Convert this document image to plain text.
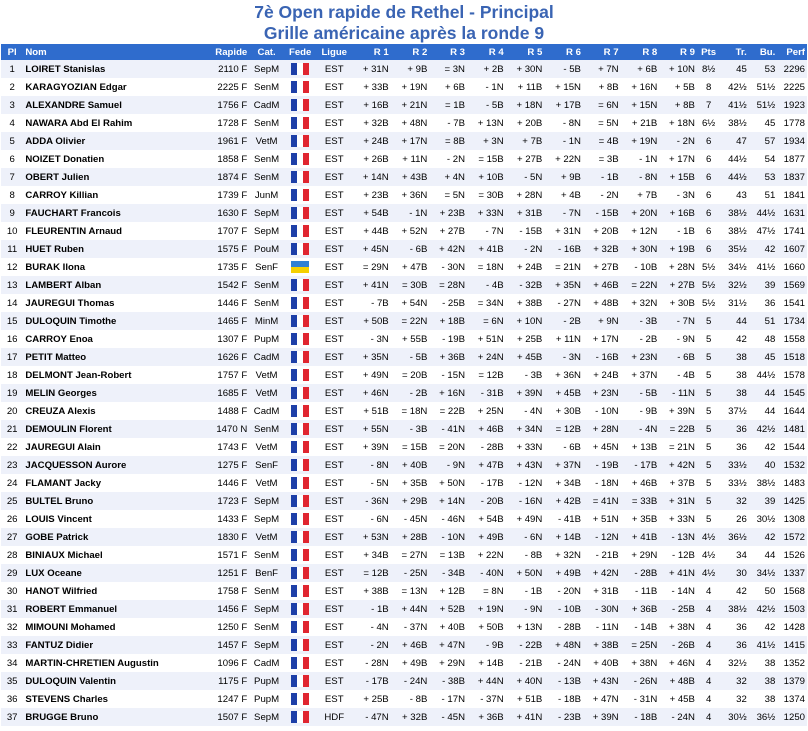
7è Open rapide de Rethel - Principal
Grille américaine après la ronde 9
Pl	Nom	Rapide	Cat.	Fede	Ligue	R 1	R 2	R 3	R 4	R 5	R 6	R 7	R 8	R 9	Pts	Tr.	Bu.	Perf
1	LOIRET Stanislas	2110 F	SepM		EST	+ 31N	+ 9B	= 3N	+ 2B	+ 30N	- 5B	+ 7N	+ 6B	+ 10N	8½	45	53	2296
2	KARAGYOZIAN Edgar	2225 F	SenM		EST	+ 33B	+ 19N	+ 6B	- 1N	+ 11B	+ 15N	+ 8B	+ 16N	+ 5B	8	42½	51½	2225
3	ALEXANDRE Samuel	1756 F	CadM		EST	+ 16B	+ 21N	= 1B	- 5B	+ 18N	+ 17B	= 6N	+ 15N	+ 8B	7	41½	51½	1923
4	NAWARA Abd El Rahim	1728 F	SenM		EST	+ 32B	+ 48N	- 7B	+ 13N	+ 20B	- 8N	= 5N	+ 21B	+ 18N	6½	38½	45	1778
5	ADDA Olivier	1961 F	VetM		EST	+ 24B	+ 17N	= 8B	+ 3N	+ 7B	- 1N	= 4B	+ 19N	- 2N	6	47	57	1934
6	NOIZET Donatien	1858 F	SenM		EST	+ 26B	+ 11N	- 2N	= 15B	+ 27B	+ 22N	= 3B	- 1N	+ 17N	6	44½	54	1877
7	OBERT Julien	1874 F	SenM		EST	+ 14N	+ 43B	+ 4N	+ 10B	- 5N	+ 9B	- 1B	- 8N	+ 15B	6	44½	53	1837
8	CARROY Killian	1739 F	JunM		EST	+ 23B	+ 36N	= 5N	= 30B	+ 28N	+ 4B	- 2N	+ 7B	- 3N	6	43	51	1841
9	FAUCHART Francois	1630 F	SepM		EST	+ 54B	- 1N	+ 23B	+ 33N	+ 31B	- 7N	- 15B	+ 20N	+ 16B	6	38½	44½	1631
10	FLEURENTIN Arnaud	1707 F	SepM		EST	+ 44B	+ 52N	+ 27B	- 7N	- 15B	+ 31N	+ 20B	+ 12N	- 1B	6	38½	47½	1741
11	HUET Ruben	1575 F	PouM		EST	+ 45N	- 6B	+ 42N	+ 41B	- 2N	- 16B	+ 32B	+ 30N	+ 19B	6	35½	42	1607
12	BURAK Ilona	1735 F	SenF		EST	= 29N	+ 47B	- 30N	= 18N	+ 24B	= 21N	+ 27B	- 10B	+ 28N	5½	34½	41½	1660
13	LAMBERT Alban	1542 F	SenM		EST	+ 41N	= 30B	= 28N	- 4B	- 32B	+ 35N	+ 46B	= 22N	+ 27B	5½	32½	39	1569
14	JAUREGUI Thomas	1446 F	SenM		EST	- 7B	+ 54N	- 25B	= 34N	+ 38B	- 27N	+ 48B	+ 32N	+ 30B	5½	31½	36	1541
15	DULOQUIN Timothe	1465 F	MinM		EST	+ 50B	= 22N	+ 18B	= 6N	+ 10N	- 2B	+ 9N	- 3B	- 7N	5	44	51	1734
16	CARROY Enoa	1307 F	PupM		EST	- 3N	+ 55B	- 19B	+ 51N	+ 25B	+ 11N	+ 17N	- 2B	- 9N	5	42	48	1558
17	PETIT Matteo	1626 F	CadM		EST	+ 35N	- 5B	+ 36B	+ 24N	+ 45B	- 3N	- 16B	+ 23N	- 6B	5	38	45	1518
18	DELMONT Jean-Robert	1757 F	VetM		EST	+ 49N	= 20B	- 15N	= 12B	- 3B	+ 36N	+ 24B	+ 37N	- 4B	5	38	44½	1578
19	MELIN Georges	1685 F	VetM		EST	+ 46N	- 2B	+ 16N	- 31B	+ 39N	+ 45B	+ 23N	- 5B	- 11N	5	38	44	1545
20	CREUZA Alexis	1488 F	CadM		EST	+ 51B	= 18N	= 22B	+ 25N	- 4N	+ 30B	- 10N	- 9B	+ 39N	5	37½	44	1644
21	DEMOULIN Florent	1470 N	SenM		EST	+ 55N	- 3B	- 41N	+ 46B	+ 34N	= 12B	+ 28N	- 4N	= 22B	5	36	42½	1481
22	JAUREGUI Alain	1743 F	VetM		EST	+ 39N	= 15B	= 20N	- 28B	+ 33N	- 6B	+ 45N	+ 13B	= 21N	5	36	42	1544
23	JACQUESSON Aurore	1275 F	SenF		EST	- 8N	+ 40B	- 9N	+ 47B	+ 43N	+ 37N	- 19B	- 17B	+ 42N	5	33½	40	1532
24	FLAMANT Jacky	1446 F	VetM		EST	- 5N	+ 35B	+ 50N	- 17B	- 12N	+ 34B	- 18N	+ 46B	+ 37B	5	33½	38½	1483
25	BULTEL Bruno	1723 F	SepM		EST	- 36N	+ 29B	+ 14N	- 20B	- 16N	+ 42B	= 41N	= 33B	+ 31N	5	32	39	1425
26	LOUIS Vincent	1433 F	SepM		EST	- 6N	- 45N	- 46N	+ 54B	+ 49N	- 41B	+ 51N	+ 35B	+ 33N	5	26	30½	1308
27	GOBE Patrick	1830 F	VetM		EST	+ 53N	+ 28B	- 10N	+ 49B	- 6N	+ 14B	- 12N	+ 41B	- 13N	4½	36½	42	1572
28	BINIAUX Michael	1571 F	SenM		EST	+ 34B	= 27N	= 13B	+ 22N	- 8B	+ 32N	- 21B	+ 29N	- 12B	4½	34	44	1526
29	LUX Oceane	1251 F	BenF		EST	= 12B	- 25N	- 34B	- 40N	+ 50N	+ 49B	+ 42N	- 28B	+ 41N	4½	30	34½	1337
30	HANOT Wilfried	1758 F	SenM		EST	+ 38B	= 13N	+ 12B	= 8N	- 1B	- 20N	+ 31B	- 11B	- 14N	4	42	50	1568
31	ROBERT Emmanuel	1456 F	SepM		EST	- 1B	+ 44N	+ 52B	+ 19N	- 9N	- 10B	- 30N	+ 36B	- 25B	4	38½	42½	1503
32	MIMOUNI Mohamed	1250 F	SenM		EST	- 4N	- 37N	+ 40B	+ 50B	+ 13N	- 28B	- 11N	- 14B	+ 38N	4	36	42	1428
33	FANTUZ Didier	1457 F	SepM		EST	- 2N	+ 46B	+ 47N	- 9B	- 22B	+ 48N	+ 38B	= 25N	- 26B	4	36	41½	1415
34	MARTIN-CHRETIEN Augustin	1096 F	CadM		EST	- 28N	+ 49B	+ 29N	+ 14B	- 21B	- 24N	+ 40B	+ 38N	+ 46N	4	32½	38	1352
35	DULOQUIN Valentin	1175 F	PupM		EST	- 17B	- 24N	- 38B	+ 44N	+ 40N	- 13B	+ 43N	- 26N	+ 48B	4	32	38	1379
36	STEVENS Charles	1247 F	PupM		EST	+ 25B	- 8B	- 17N	- 37N	+ 51B	- 18B	+ 47N	- 31N	+ 45B	4	32	38	1374
37	BRUGGE Bruno	1507 F	SepM		HDF	- 47N	+ 32B	- 45N	+ 36B	+ 41N	- 23B	+ 39N	- 18B	- 24N	4	30½	36½	1250
